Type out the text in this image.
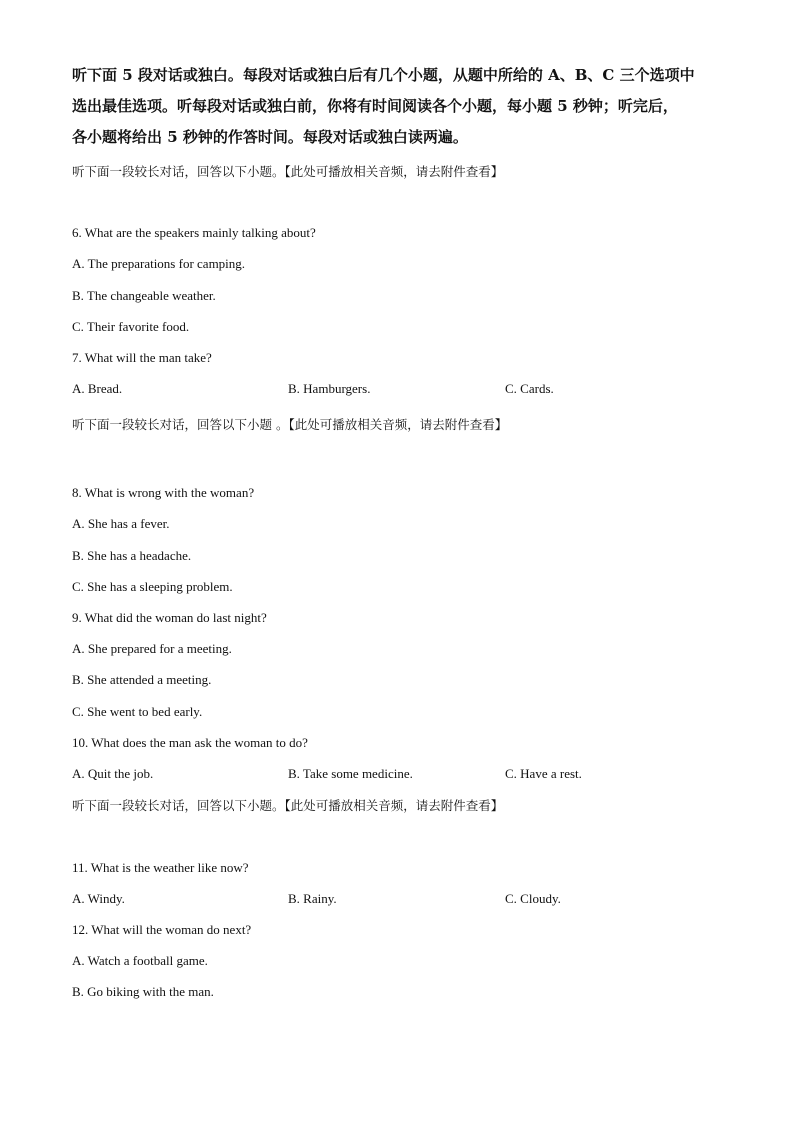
听下面 5 段对话或独白。每段对话或独白后有几个小题，从题中所给的 A、B、C 三个选项中
选出最佳选项。听每段对话或独白前，你将有时间阅读各个小题，每小题 5 秒钟；听完后，
各小题将给出 5 秒钟的作答时间。每段对话或独白读两遍。
听下面一段较长对话，回答以下小题。【此处可播放相关音频，请去附件查看】
6. What are the speakers mainly talking about?
A. The preparations for camping.
B. The changeable weather.
C. Their favorite food.
7. What will the man take?
A. Bread.	B. Hamburgers.	C. Cards.
听下面一段较长对话，回答以下小题 。【此处可播放相关音频，请去附件查看】
8. What is wrong with the woman?
A. She has a fever.
B. She has a headache.
C. She has a sleeping problem.
9. What did the woman do last night?
A. She prepared for a meeting.
B. She attended a meeting.
C. She went to bed early.
10. What does the man ask the woman to do?
A. Quit the job.	B. Take some medicine.	C. Have a rest.
听下面一段较长对话，回答以下小题。【此处可播放相关音频，请去附件查看】
11. What is the weather like now?
A. Windy.	B. Rainy.	C. Cloudy.
12. What will the woman do next?
A. Watch a football game.
B. Go biking with the man.
